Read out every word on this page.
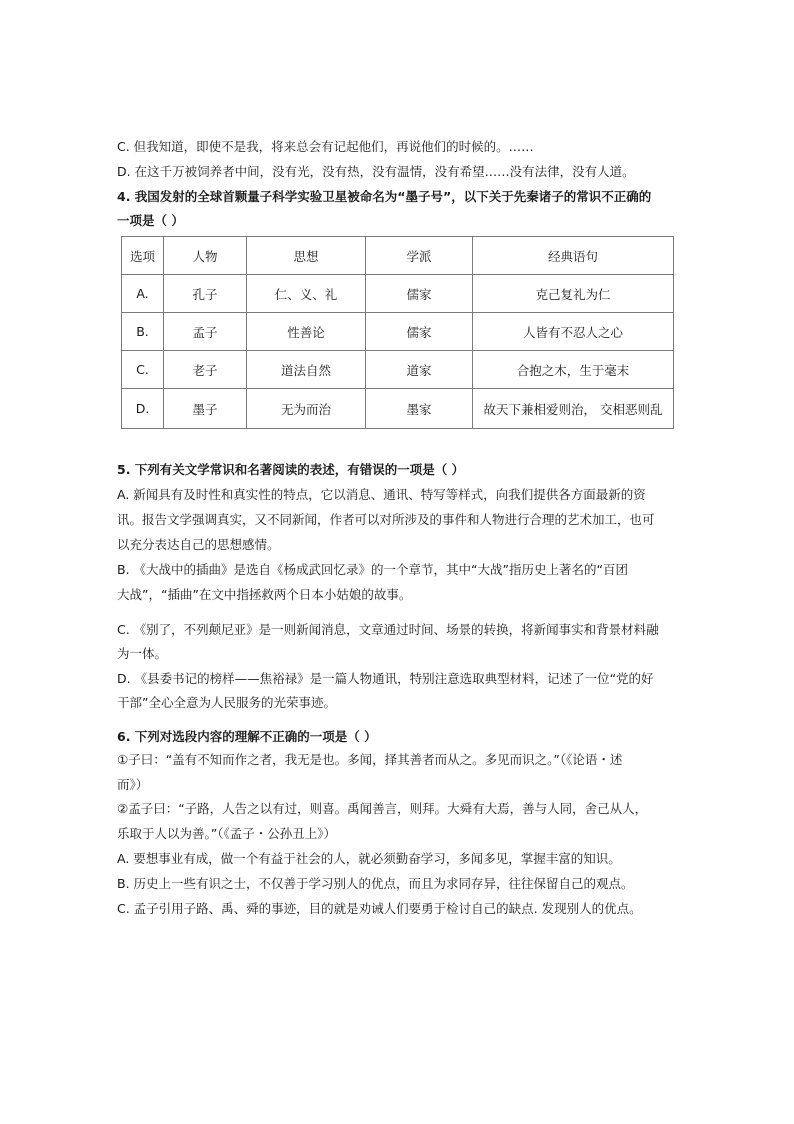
C. 但我知道，即使不是我，将来总会有记起他们，再说他们的时候的。……
D. 在这千万被饲养者中间，没有光，没有热，没有温情，没有希望……没有法律，没有人道。
4. 我国发射的全球首颗量子科学实验卫星被命名为“墨子号”，以下关于先秦诸子的常识不正确的
一项是（ ）
选项	人物	思想	学派	经典语句
A.	孔子	仁、义、礼	儒家	克己复礼为仁
B.	孟子	性善论	儒家	人皆有不忍人之心
C.	老子	道法自然	道家	合抱之木，生于毫末
D.	墨子	无为而治	墨家	故天下兼相爱则治， 交相恶则乱
5. 下列有关文学常识和名著阅读的表述，有错误的一项是（ ）
A. 新闻具有及时性和真实性的特点，它以消息、通讯、特写等样式，向我们提供各方面最新的资
讯。报告文学强调真实，又不同新闻，作者可以对所涉及的事件和人物进行合理的艺术加工，也可
以充分表达自己的思想感情。
B. 《大战中的插曲》是选自《杨成武回忆录》的一个章节，其中“大战”指历史上著名的“百团
大战”，“插曲”在文中指拯救两个日本小姑娘的故事。
C. 《别了，不列颠尼亚》是一则新闻消息，文章通过时间、场景的转换，将新闻事实和背景材料融
为一体。
D. 《县委书记的榜样——焦裕禄》是一篇人物通讯，特别注意选取典型材料，记述了一位“党的好
干部”全心全意为人民服务的光荣事迹。
6. 下列对选段内容的理解不正确的一项是（ ）
①子曰：“盖有不知而作之者，我无是也。多闻，择其善者而从之。多见而识之。”（《论语・述
而》）
②孟子曰：“子路，人告之以有过，则喜。禹闻善言，则拜。大舜有大焉，善与人同，舍己从人，
乐取于人以为善。”（《孟子・公孙丑上》）
A. 要想事业有成，做一个有益于社会的人，就必须勤奋学习，多闻多见，掌握丰富的知识。
B. 历史上一些有识之士，不仅善于学习别人的优点，而且为求同存异，往往保留自己的观点。
C. 孟子引用子路、禹、舜的事迹，目的就是劝诫人们要勇于检讨自己的缺点. 发现别人的优点。
